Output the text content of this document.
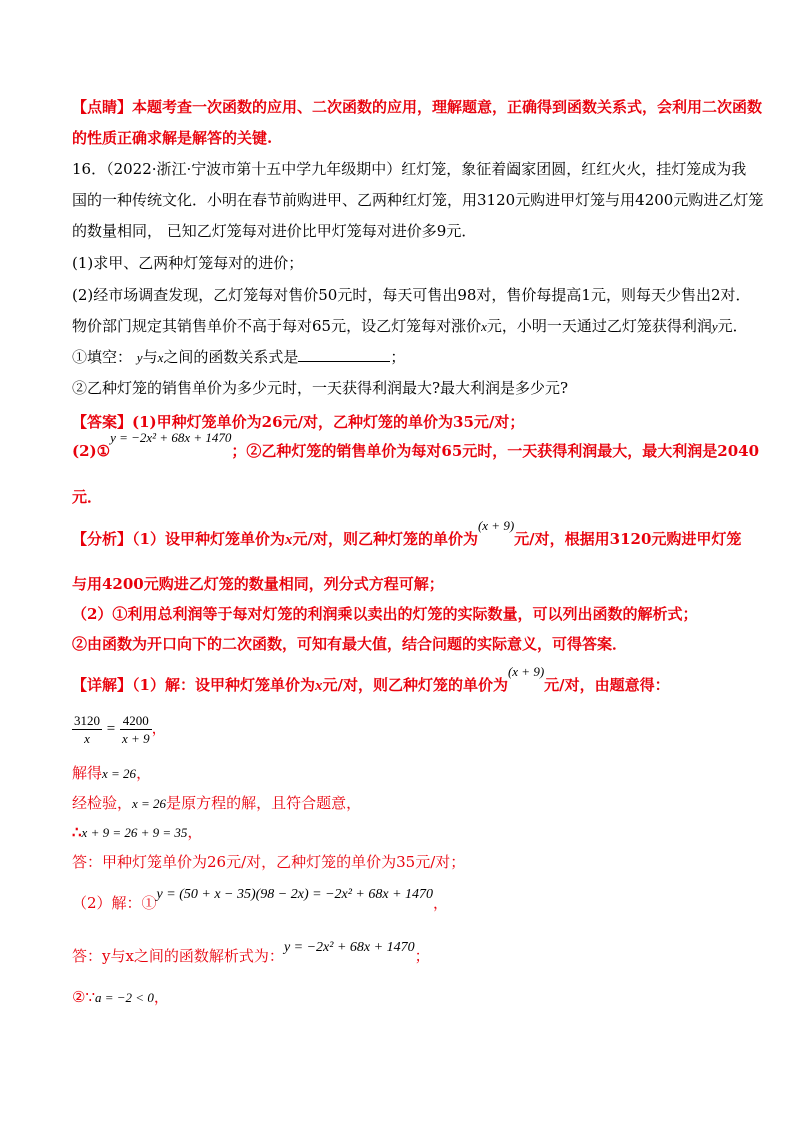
【点睛】本题考查一次函数的应用、二次函数的应用，理解题意，正确得到函数关系式，会利用二次函数
的性质正确求解是解答的关键.
16．（2022·浙江·宁波市第十五中学九年级期中）红灯笼，象征着阖家团圆，红红火火，挂灯笼成为我
国的一种传统文化．小明在春节前购进甲、乙两种红灯笼，用3120元购进甲灯笼与用4200元购进乙灯笼
的数量相同， 已知乙灯笼每对进价比甲灯笼每对进价多9元．
(1)求甲、乙两种灯笼每对的进价；
(2)经市场调查发现，乙灯笼每对售价50元时，每天可售出98对，售价每提高1元，则每天少售出2对．
物价部门规定其销售单价不高于每对65元，设乙灯笼每对涨价x元，小明一天通过乙灯笼获得利润y元．
①填空： y与x之间的函数关系式是	；
②乙种灯笼的销售单价为多少元时，一天获得利润最大?最大利润是多少元?
【答案】(1)甲种灯笼单价为26元/对，乙种灯笼的单价为35元/对；
(2)①y = −2x² + 68x + 1470；②乙种灯笼的销售单价为每对65元时，一天获得利润最大，最大利润是2040
元．
【分析】（1）设甲种灯笼单价为x元/对，则乙种灯笼的单价为(x + 9)元/对，根据用3120元购进甲灯笼
与用4200元购进乙灯笼的数量相同，列分式方程可解；
（2）①利用总利润等于每对灯笼的利润乘以卖出的灯笼的实际数量，可以列出函数的解析式；
②由函数为开口向下的二次函数，可知有最大值，结合问题的实际意义，可得答案．
【详解】（1）解：设甲种灯笼单价为x元/对，则乙种灯笼的单价为(x + 9)元/对，由题意得：
$\frac{3120}{x} = \frac{4200}{x + 9}$ ，
解得x = 26，
经检验，x = 26是原方程的解，且符合题意，
∴x + 9 = 26 + 9 = 35，
答：甲种灯笼单价为26元/对，乙种灯笼的单价为35元/对；
（2）解：①y = (50 + x − 35)(98 − 2x) = −2x² + 68x + 1470，
答：y与x之间的函数解析式为：y = −2x² + 68x + 1470；
②∵a = −2 < 0，
